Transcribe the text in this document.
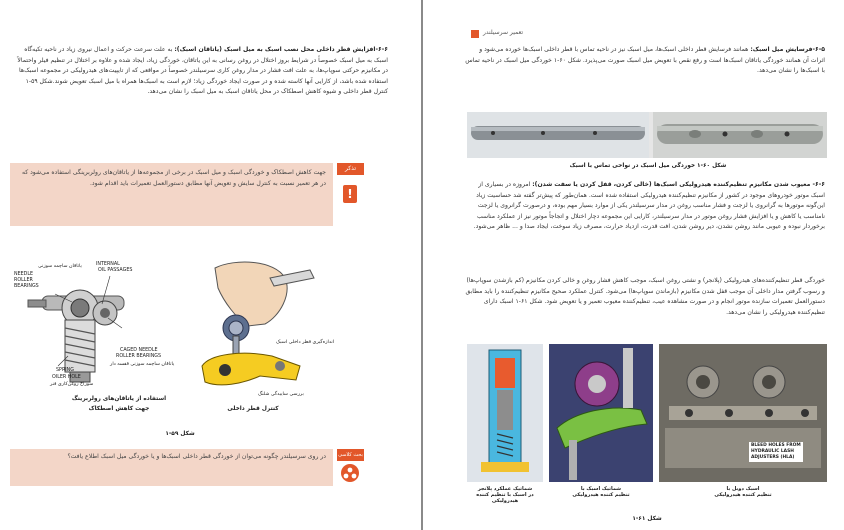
۶-۶-افزایش قطر داخلی محل نصب اسبک به میل اسبک (یاتاقان اسبک): به علت سرعت حرکت و اعمال نیروی زیاد در ناحیه تکیه‌گاه اسبک به میل اسبک خصوصاً در شرایط بروز اختلال در روغن رسانی به این یاتاقان، خوردگی زیاد، ایجاد شده و علاوه بر اختلال در تنظیم فیلر واحتمالاً در مکانیزم حرکتی سوپاپ‌ها، به علت افت فشار در مدار روغن کاری سرسیلندر خصوصاً در مواقعی که از تایپیت‌های هیدرولیکی در مجموعه اسبک‌ها استفاده شده باشد، از کارایی آنها کاسته شده و در صورت ایجاد خوردگی زیاد؛ لازم است به اسبک‌ها همراه با میل اسبک تعویض شوند.شکل ۵۹-۱ کنترل قطر داخلی و شیوه کاهش اصطکاک در محل یاتاقان اسبک به میل اسبک را نشان می‌دهد.
تذکر
!
جهت کاهش اصطکاک و خوردگی اسبک و میل اسبک در برخی از مجموعه‌ها از یاتاقان‌های رولربرینگی استفاده می‌شود که در هر تعمیر نسبت به کنترل سایش و تعویض آنها مطابق دستورالعمل تعمیرات باید اقدام شود.
یاتاقان ساچمه سوزنی
NEEDLE
ROLLER
BEARINGS
INTERNAL
OIL PASSAGES
CAGED NEEDLE
ROLLER BEARINGS
یاتاقان ساچمه سوزنی قفسه دار
SPRING
OILER HOLE
سوراخ روغن‌کاری فنر
اندازه‌گیری قطر داخلی اسبک
بررسی ساییدگی شلنگ
استفاده از یاتاقان‌های رولربرینگ
جهت کاهش اصطکاک	کنترل قطر داخلی
شکل ۵۹-۱
بحث کلاسی
در روی سرسیلندر چگونه می‌توان از خوردگی قطر داخلی اسبک‌ها و یا خوردگی میل اسبک اطلاع یافت؟
تعمیر سرسیلندر
۶-۵-فرسایش میل اسبک: همانند فرسایش قطر داخلی اسبک‌ها، میل اسبک نیز در ناحیه تماس با قطر داخلی اسبک‌ها خورده می‌شود و اثرات آن همانند خوردگی یاتاقان اسبک‌ها است و رفع نقص با تعویض میل اسبک صورت می‌پذیرد. شکل ۶۰-۱ خوردگی میل اسبک در ناحیه تماس با اسبک‌ها را نشان می‌دهد.
شکل ۶۰-۱ خوردگی میل اسبک در نواحی تماس با اسبک
۶-۶- معیوب شدن مکانیزم تنظیم‌کننده هیدرولیکی اسبک‌ها (خالی کردن، قفل کردن یا سفت شدن): امروزه در بسیاری از اسبک موتور خودروهای موجود در کشور از مکانیزم تنظیم‌کننده هیدرولیکی استفاده شده است. همان‌طور که پیش‌تر گفته شد حساسیت زیاد این‌گونه موتورها به گرانروی یا لزجت و فشار مناسب روغن در مدار سرسیلندر یکی از موارد بسیار مهم بوده، و درصورت گرانروی یا لزجت نامناسب یا کاهش و یا افزایش فشار روغن موتور در مدار سرسیلندر، کارایی این مجموعه دچار اختلال و اتجاجاً موتور نیز از عملکرد مناسب برخوردار نبوده و عیوبی مانند روشن نشدن، دیر روشن شدن، افت قدرت، ازدیاد حرارت، مصرف زیاد سوخت، ایجاد صدا و ... ظاهر می‌شود.
خوردگی قطر تنظیم‌کننده‌های هیدرولیکی (پلانجر) و نشتی روغن اسبک، موجب کاهش فشار روغن و خالی کردن مکانیزم (کم بازشدن سوپاپ‌ها) و رسوب گرفتن مدار داخلی آن موجب قفل شدن مکانیزم (بازماندن سوپاپ‌ها) می‌شود. کنترل عملکرد صحیح مکانیزم تنظیم‌کننده را باید مطابق دستورالعمل تعمیرات سازنده موتور انجام و در صورت مشاهده عیب، تنظیم‌کننده معیوب تعمیر و یا تعویض شود. شکل ۶۱-۱ اسبک دارای تنظیم‌کننده هیدرولیکی را نشان می‌دهد.
BLEED HOLES FROM
HYDRAULIC LASH
ADJUSTERS (HLA)
شماتیک عملکرد پلانجر
در اسبک با تنظیم کننده
هیدرولیکی
شماتیک اسبک با
تنظیم کننده هیدرولیکی
اسبک دوبل با
تنظیم کننده هیدرولیکی
شکل ۶۱-۱
